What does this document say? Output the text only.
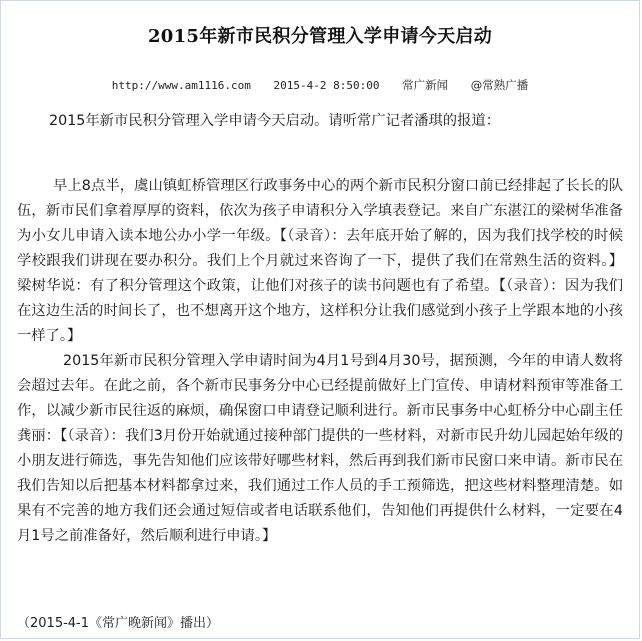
2015年新市民积分管理入学申请今天启动
http://www.am1116.com 2015-4-2 8:50:00 常广新闻 @常熟广播

2015年新市民积分管理入学申请今天启动。请听常广记者潘琪的报道：

早上8点半，虞山镇虹桥管理区行政事务中心的两个新市民积分窗口前已经排起了长长的队伍，新市民们拿着厚厚的资料，依次为孩子申请积分入学填表登记。来自广东湛江的梁树华准备为小女儿申请入读本地公办小学一年级。【（录音）：去年底开始了解的，因为我们找学校的时候学校跟我们讲现在要办积分。我们上个月就过来咨询了一下，提供了我们在常熟生活的资料。】梁树华说：有了积分管理这个政策，让他们对孩子的读书问题也有了希望。【（录音）：因为我们在这边生活的时间长了，也不想离开这个地方，这样积分让我们感觉到小孩子上学跟本地的小孩一样了。】

2015年新市民积分管理入学申请时间为4月1号到4月30号，据预测，今年的申请人数将会超过去年。在此之前，各个新市民事务分中心已经提前做好上门宣传、申请材料预审等准备工作，以减少新市民往返的麻烦，确保窗口申请登记顺利进行。新市民事务中心虹桥分中心副主任龚丽：【（录音）：我们3月份开始就通过接种部门提供的一些材料，对新市民升幼儿园起始年级的小朋友进行筛选，事先告知他们应该带好哪些材料，然后再到我们新市民窗口来申请。新市民在我们告知以后把基本材料都拿过来，我们通过工作人员的手工预筛选，把这些材料整理清楚。如果有不完善的地方我们还会通过短信或者电话联系他们，告知他们再提供什么材料，一定要在4月1号之前准备好，然后顺利进行申请。】

（2015-4-1《常广晚新闻》播出）
